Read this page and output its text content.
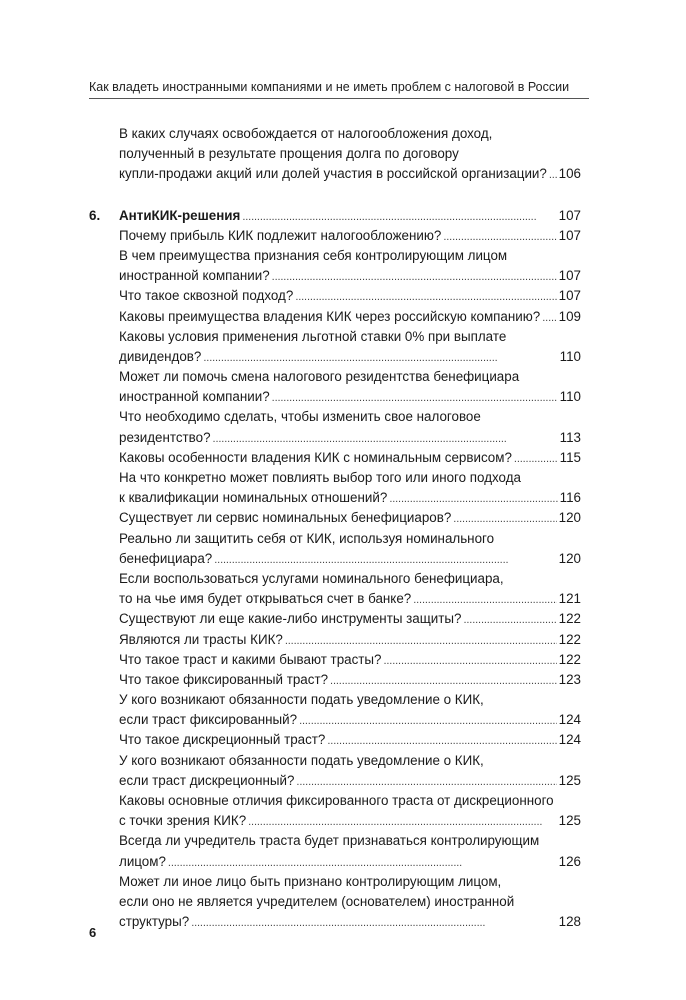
Как владеть иностранными компаниями и не иметь проблем с налоговой в России
В каких случаях освобождается от налогообложения доход,
полученный в результате прощения долга по договору
купли-продажи акций или долей участия в российской организации? . . . 106
6. АнтиКИК-решения . . .	107
Почему прибыль КИК подлежит налогообложению? . . .	107
В чем преимущества признания себя контролирующим лицом
иностранной компании? . . .	107
Что такое сквозной подход? . . .	107
Каковы преимущества владения КИК через российскую компанию? . . . 109
Каковы условия применения льготной ставки 0% при выплате
дивидендов? . . .	110
Может ли помочь смена налогового резидентства бенефициара
иностранной компании? . . .	110
Что необходимо сделать, чтобы изменить свое налоговое
резидентство? . . .	113
Каковы особенности владения КИК с номинальным сервисом? . . .	115
На что конкретно может повлиять выбор того или иного подхода
к квалификации номинальных отношений? . . .	116
Существует ли сервис номинальных бенефициаров? . . .	120
Реально ли защитить себя от КИК, используя номинального
бенефициара? . . .	120
Если воспользоваться услугами номинального бенефициара,
то на чье имя будет открываться счет в банке? . . .	121
Существуют ли еще какие-либо инструменты защиты? . . .	122
Являются ли трасты КИК? . . .	122
Что такое траст и какими бывают трасты? . . .	122
Что такое фиксированный траст? . . .	123
У кого возникают обязанности подать уведомление о КИК,
если траст фиксированный? . . .	124
Что такое дискреционный траст? . . .	124
У кого возникают обязанности подать уведомление о КИК,
если траст дискреционный? . . .	125
Каковы основные отличия фиксированного траста от дискреционного
с точки зрения КИК? . . .	125
Всегда ли учредитель траста будет признаваться контролирующим
лицом? . . .	126
Может ли иное лицо быть признано контролирующим лицом,
если оно не является учредителем (основателем) иностранной
структуры? . . .	128
6
